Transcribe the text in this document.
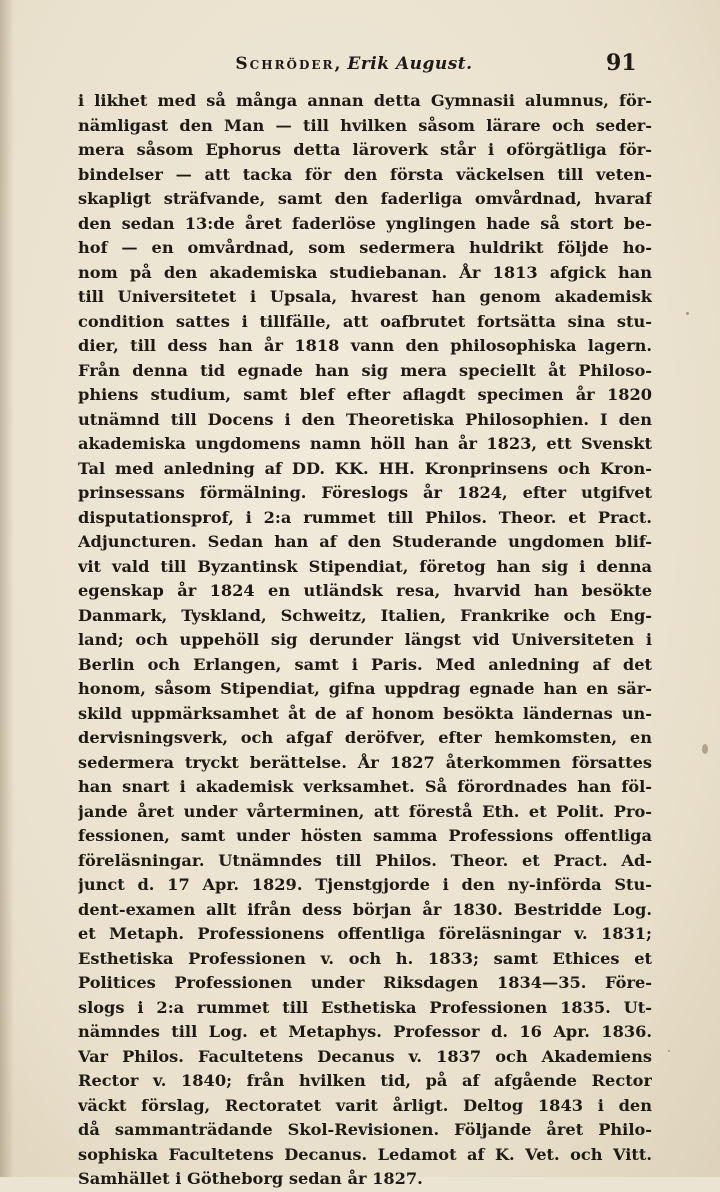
Schröder, Erik August.	91
i likhet med så många annan detta Gymnasii alumnus, för-
nämligast den Man — till hvilken såsom lärare och seder-
mera såsom Ephorus detta läroverk står i oförgätliga för-
bindelser — att tacka för den första väckelsen till veten-
skapligt sträfvande, samt den faderliga omvårdnad, hvaraf
den sedan 13:de året faderlöse ynglingen hade så stort be-
hof — en omvårdnad, som sedermera huldrikt följde ho-
nom på den akademiska studiebanan. År 1813 afgick han
till Universitetet i Upsala, hvarest han genom akademisk
condition sattes i tillfälle, att oafbrutet fortsätta sina stu-
dier, till dess han år 1818 vann den philosophiska lagern.
Från denna tid egnade han sig mera speciellt åt Philoso-
phiens studium, samt blef efter aflagdt specimen år 1820
utnämnd till Docens i den Theoretiska Philosophien. I den
akademiska ungdomens namn höll han år 1823, ett Svenskt
Tal med anledning af DD. KK. HH. Kronprinsens och Kron-
prinsessans förmälning. Föreslogs år 1824, efter utgifvet
disputationsprof, i 2:a rummet till Philos. Theor. et Pract.
Adjuncturen. Sedan han af den Studerande ungdomen blif-
vit vald till Byzantinsk Stipendiat, företog han sig i denna
egenskap år 1824 en utländsk resa, hvarvid han besökte
Danmark, Tyskland, Schweitz, Italien, Frankrike och Eng-
land; och uppehöll sig derunder längst vid Universiteten i
Berlin och Erlangen, samt i Paris. Med anledning af det
honom, såsom Stipendiat, gifna uppdrag egnade han en sär-
skild uppmärksamhet åt de af honom besökta ländernas un-
dervisningsverk, och afgaf deröfver, efter hemkomsten, en
sedermera tryckt berättelse. År 1827 återkommen försattes
han snart i akademisk verksamhet. Så förordnades han föl-
jande året under vårterminen, att förestå Eth. et Polit. Pro-
fessionen, samt under hösten samma Professions offentliga
föreläsningar. Utnämndes till Philos. Theor. et Pract. Ad-
junct d. 17 Apr. 1829. Tjenstgjorde i den ny-införda Stu-
dent-examen allt ifrån dess början år 1830. Bestridde Log.
et Metaph. Professionens offentliga föreläsningar v. 1831;
Esthetiska Professionen v. och h. 1833; samt Ethices et
Politices Professionen under Riksdagen 1834—35. Före-
slogs i 2:a rummet till Esthetiska Professionen 1835. Ut-
nämndes till Log. et Metaphys. Professor d. 16 Apr. 1836.
Var Philos. Facultetens Decanus v. 1837 och Akademiens
Rector v. 1840; från hvilken tid, på af afgående Rector
väckt förslag, Rectoratet varit årligt. Deltog 1843 i den
då sammanträdande Skol-Revisionen. Följande året Philo-
sophiska Facultetens Decanus. Ledamot af K. Vet. och Vitt.
Samhället i Götheborg sedan år 1827.
